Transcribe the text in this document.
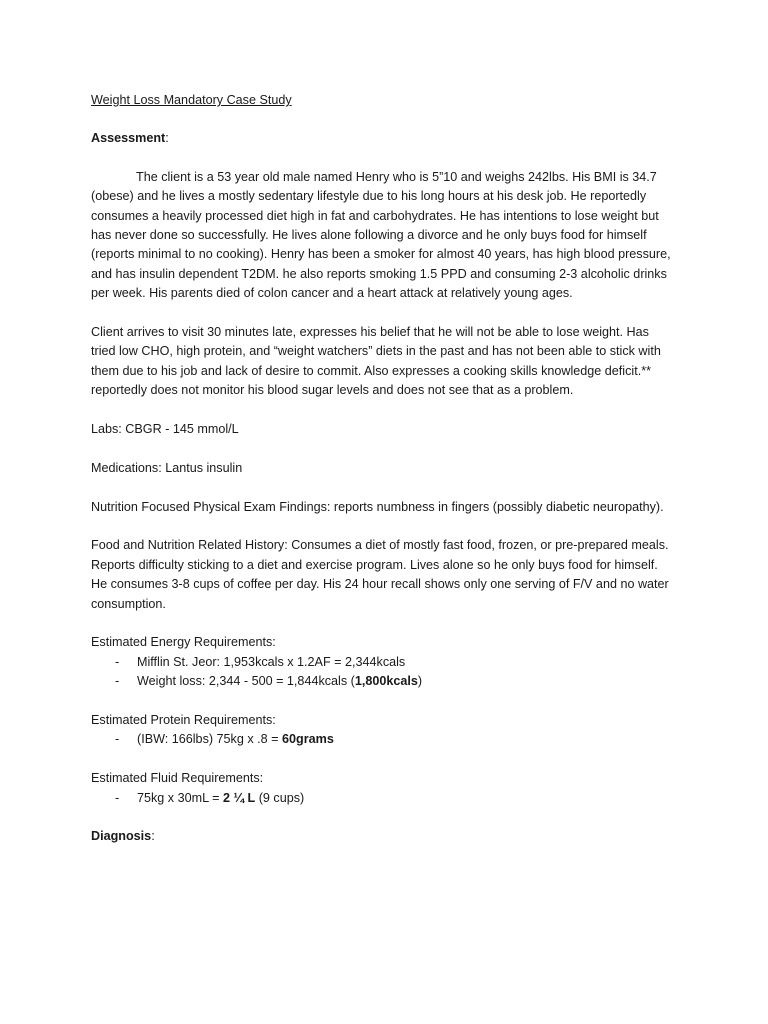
Weight Loss Mandatory Case Study
Assessment:

The client is a 53 year old male named Henry who is 5”10 and weighs 242lbs. His BMI is 34.7 (obese) and he lives a mostly sedentary lifestyle due to his long hours at his desk job. He reportedly consumes a heavily processed diet high in fat and carbohydrates. He has intentions to lose weight but has never done so successfully. He lives alone following a divorce and he only buys food for himself (reports minimal to no cooking). Henry has been a smoker for almost 40 years, has high blood pressure, and has insulin dependent T2DM. he also reports smoking 1.5 PPD and consuming 2-3 alcoholic drinks per week. His parents died of colon cancer and a heart attack at relatively young ages.

Client arrives to visit 30 minutes late, expresses his belief that he will not be able to lose weight. Has tried low CHO, high protein, and “weight watchers” diets in the past and has not been able to stick with them due to his job and lack of desire to commit. Also expresses a cooking skills knowledge deficit.** reportedly does not monitor his blood sugar levels and does not see that as a problem.

Labs: CBGR - 145 mmol/L

Medications: Lantus insulin

Nutrition Focused Physical Exam Findings: reports numbness in fingers (possibly diabetic neuropathy).

Food and Nutrition Related History: Consumes a diet of mostly fast food, frozen, or pre-prepared meals. Reports difficulty sticking to a diet and exercise program. Lives alone so he only buys food for himself. He consumes 3-8 cups of coffee per day. His 24 hour recall shows only one serving of F/V and no water consumption.

Estimated Energy Requirements:
- Mifflin St. Jeor: 1,953kcals x 1.2AF = 2,344kcals
- Weight loss: 2,344 - 500 = 1,844kcals (1,800kcals)
Estimated Protein Requirements:
- (IBW: 166lbs) 75kg x .8 = 60grams
Estimated Fluid Requirements:
- 75kg x 30mL = 2 ¼ L (9 cups)
Diagnosis:
